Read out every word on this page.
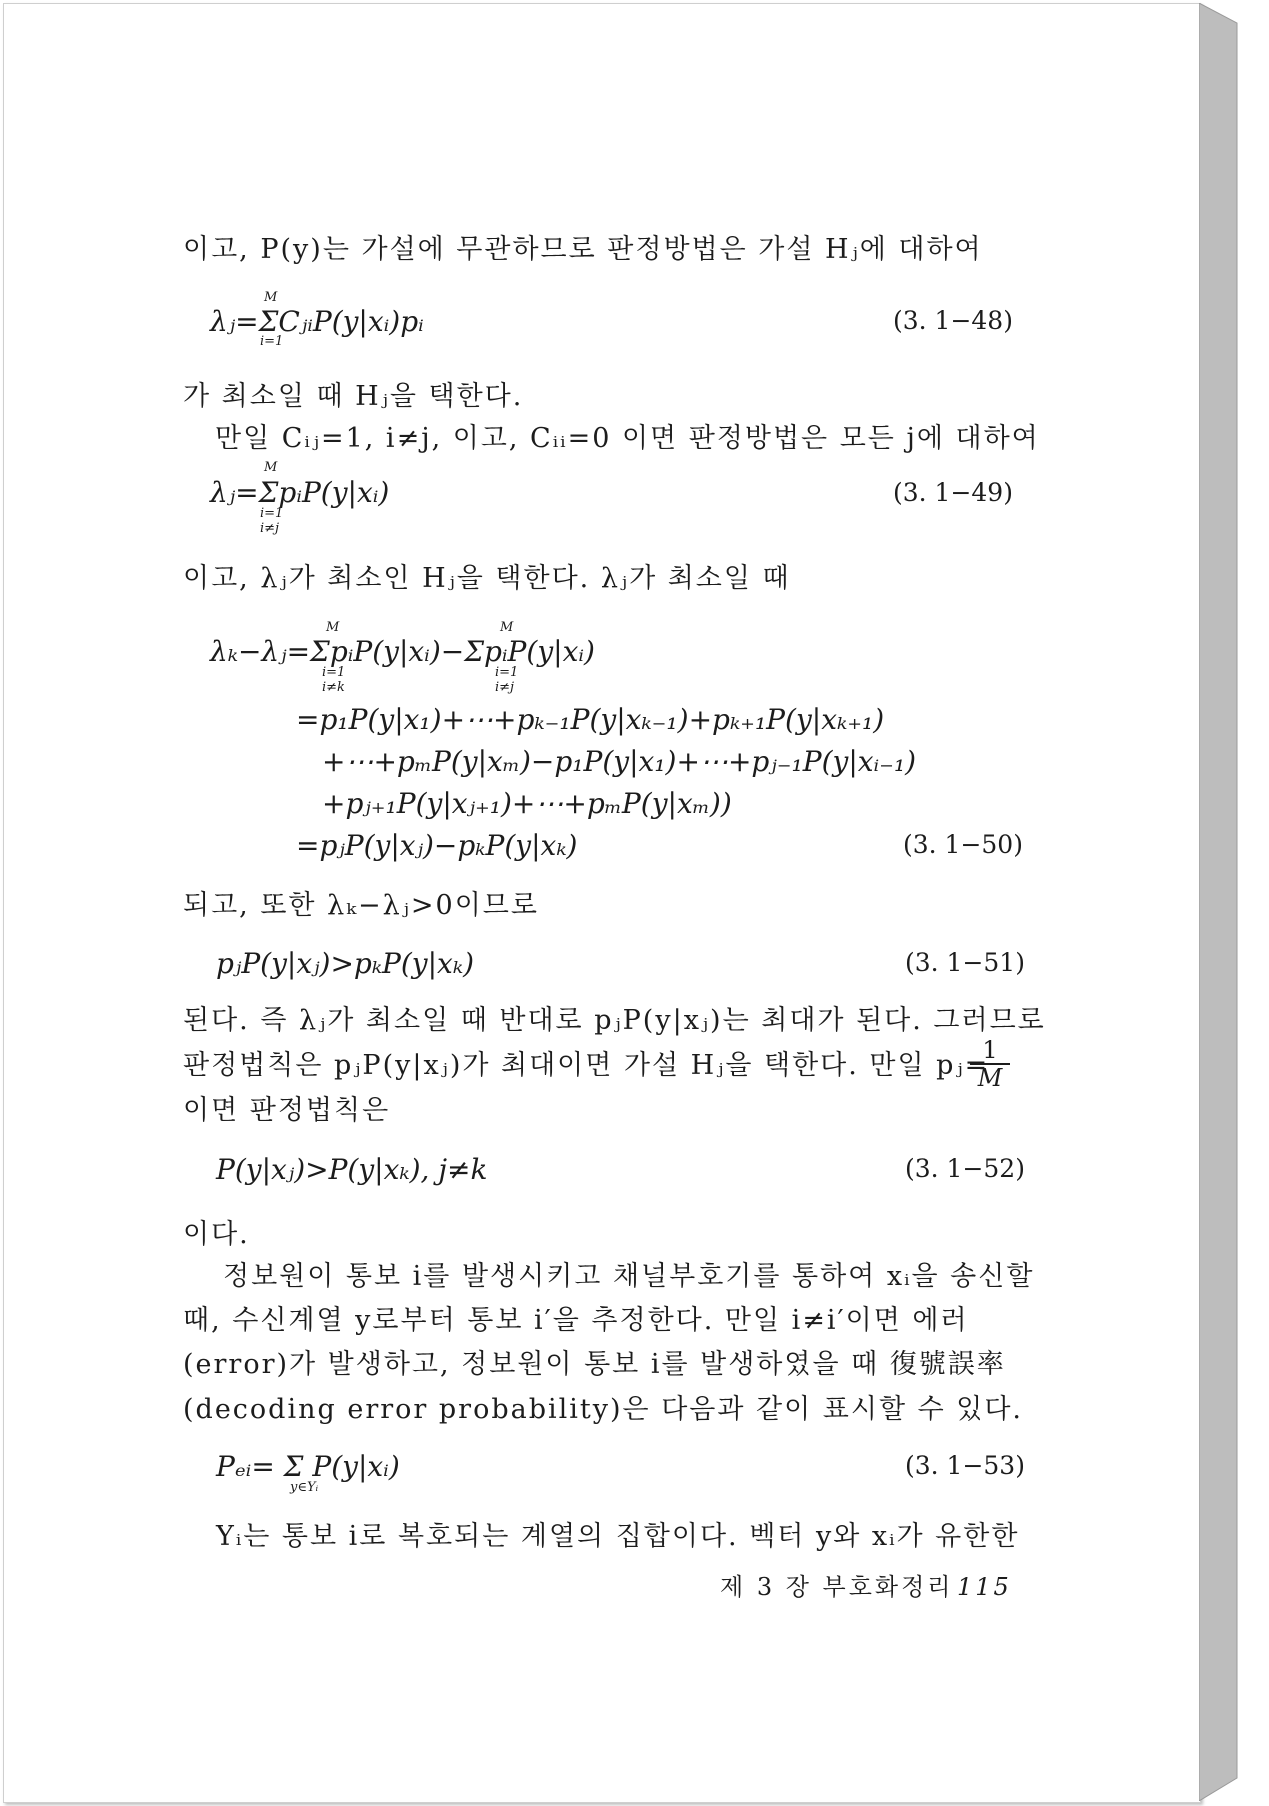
이고, P(y)는 가설에 무관하므로 판정방법은 가설 Hⱼ에 대하여
M
λⱼ=ΣCⱼᵢP(y|xᵢ)pᵢ
i=1
(3. 1−48)
가 최소일 때 Hⱼ을 택한다.
만일 Cᵢⱼ=1, i≠j, 이고, Cᵢᵢ=0 이면 판정방법은 모든 j에 대하여
M
λⱼ=ΣpᵢP(y|xᵢ)
i=1
i≠j
(3. 1−49)
이고, λⱼ가 최소인 Hⱼ을 택한다. λⱼ가 최소일 때
M	M
λₖ−λⱼ=ΣpᵢP(y|xᵢ)−ΣpᵢP(y|xᵢ)
i=1
i≠k
i=1
i≠j
=p₁P(y|x₁)+⋯+pₖ₋₁P(y|xₖ₋₁)+pₖ₊₁P(y|xₖ₊₁)
+⋯+pₘP(y|xₘ)−p₁P(y|x₁)+⋯+pⱼ₋₁P(y|xᵢ₋₁)
+pⱼ₊₁P(y|xⱼ₊₁)+⋯+pₘP(y|xₘ))
=pⱼP(y|xⱼ)−pₖP(y|xₖ)	(3. 1−50)
되고, 또한 λₖ−λⱼ>0이므로
pⱼP(y|xⱼ)>pₖP(y|xₖ)	(3. 1−51)
된다. 즉 λⱼ가 최소일 때 반대로 pⱼP(y|xⱼ)는 최대가 된다. 그러므로
판정법칙은 pⱼP(y|xⱼ)가 최대이면 가설 Hⱼ을 택한다. 만일 pⱼ=
$\frac{1}{M}$
이면 판정법칙은
P(y|xⱼ)>P(y|xₖ), j≠k	(3. 1−52)
이다.
정보원이 통보 i를 발생시키고 채널부호기를 통하여 xᵢ을 송신할
때, 수신계열 y로부터 통보 i′을 추정한다. 만일 i≠i′이면 에러
(error)가 발생하고, 정보원이 통보 i를 발생하였을 때 復號誤率
(decoding error probability)은 다음과 같이 표시할 수 있다.
Pₑᵢ= Σ P(y|xᵢ)
y∈Yᵢ
(3. 1−53)
Yᵢ는 통보 i로 복호되는 계열의 집합이다. 벡터 y와 xᵢ가 유한한
제 3 장 부호화정리 115
